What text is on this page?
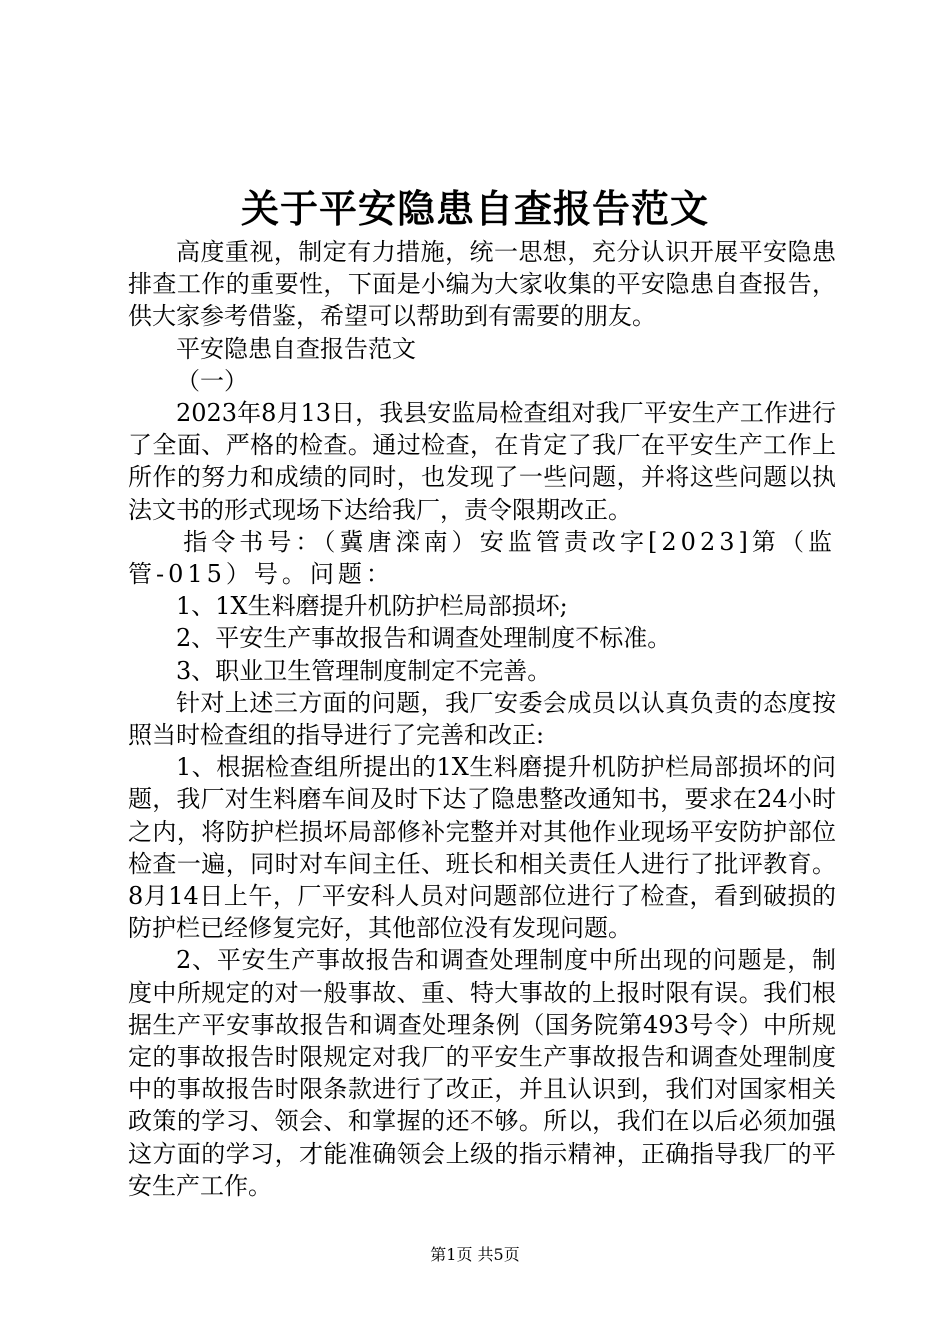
关于平安隐患自查报告范文

高度重视，制定有力措施，统一思想，充分认识开展平安隐患排查工作的重要性，下面是小编为大家收集的平安隐患自查报告，供大家参考借鉴，希望可以帮助到有需要的朋友。

平安隐患自查报告范文

（一）

2023年8月13日，我县安监局检查组对我厂平安生产工作进行了全面、严格的检查。通过检查，在肯定了我厂在平安生产工作上所作的努力和成绩的同时，也发现了一些问题，并将这些问题以执法文书的形式现场下达给我厂，责令限期改正。

指令书号：（冀唐滦南）安监管责改字[2023]第（监管-015）号。问题：

1、1X生料磨提升机防护栏局部损坏;

2、平安生产事故报告和调查处理制度不标准。

3、职业卫生管理制度制定不完善。

针对上述三方面的问题，我厂安委会成员以认真负责的态度按照当时检查组的指导进行了完善和改正:

1、根据检查组所提出的1X生料磨提升机防护栏局部损坏的问题，我厂对生料磨车间及时下达了隐患整改通知书，要求在24小时之内，将防护栏损坏局部修补完整并对其他作业现场平安防护部位检查一遍，同时对车间主任、班长和相关责任人进行了批评教育。8月14日上午，厂平安科人员对问题部位进行了检查，看到破损的防护栏已经修复完好，其他部位没有发现问题。

2、平安生产事故报告和调查处理制度中所出现的问题是，制度中所规定的对一般事故、重、特大事故的上报时限有误。我们根据生产平安事故报告和调查处理条例（国务院第493号令）中所规定的事故报告时限规定对我厂的平安生产事故报告和调查处理制度中的事故报告时限条款进行了改正，并且认识到，我们对国家相关政策的学习、领会、和掌握的还不够。所以，我们在以后必须加强这方面的学习，才能准确领会上级的指示精神，正确指导我厂的平安生产工作。

第1页 共5页
